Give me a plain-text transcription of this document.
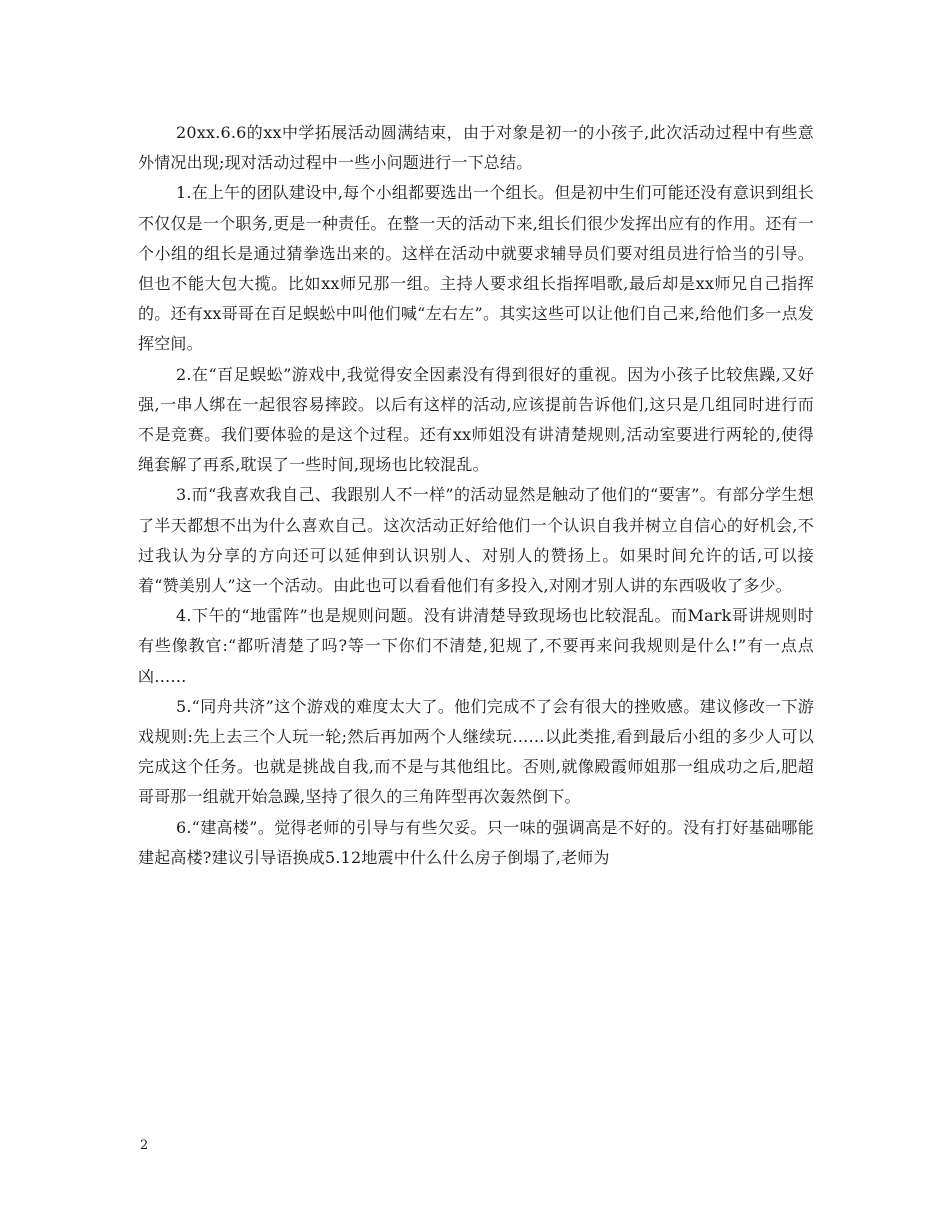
20xx.6.6的xx中学拓展活动圆满结束，由于对象是初一的小孩子,此次活动过程中有些意外情况出现;现对活动过程中一些小问题进行一下总结。

1.在上午的团队建设中,每个小组都要选出一个组长。但是初中生们可能还没有意识到组长不仅仅是一个职务,更是一种责任。在整一天的活动下来,组长们很少发挥出应有的作用。还有一个小组的组长是通过猜拳选出来的。这样在活动中就要求辅导员们要对组员进行恰当的引导。但也不能大包大揽。比如xx师兄那一组。主持人要求组长指挥唱歌,最后却是xx师兄自己指挥的。还有xx哥哥在百足蜈蚣中叫他们喊“左右左”。其实这些可以让他们自己来,给他们多一点发挥空间。

2.在“百足蜈蚣”游戏中,我觉得安全因素没有得到很好的重视。因为小孩子比较焦躁,又好强,一串人绑在一起很容易摔跤。以后有这样的活动,应该提前告诉他们,这只是几组同时进行而不是竞赛。我们要体验的是这个过程。还有xx师姐没有讲清楚规则,活动室要进行两轮的,使得绳套解了再系,耽误了一些时间,现场也比较混乱。

3.而“我喜欢我自己、我跟别人不一样”的活动显然是触动了他们的“要害”。有部分学生想了半天都想不出为什么喜欢自己。这次活动正好给他们一个认识自我并树立自信心的好机会,不过我认为分享的方向还可以延伸到认识别人、对别人的赞扬上。如果时间允许的话,可以接着“赞美别人”这一个活动。由此也可以看看他们有多投入,对刚才别人讲的东西吸收了多少。

4.下午的“地雷阵”也是规则问题。没有讲清楚导致现场也比较混乱。而Mark哥讲规则时有些像教官:“都听清楚了吗?等一下你们不清楚,犯规了,不要再来问我规则是什么!”有一点点凶……

5.“同舟共济”这个游戏的难度太大了。他们完成不了会有很大的挫败感。建议修改一下游戏规则:先上去三个人玩一轮;然后再加两个人继续玩……以此类推,看到最后小组的多少人可以完成这个任务。也就是挑战自我,而不是与其他组比。否则,就像殿霞师姐那一组成功之后,肥超哥哥那一组就开始急躁,坚持了很久的三角阵型再次轰然倒下。

6.“建高楼”。觉得老师的引导与有些欠妥。只一味的强调高是不好的。没有打好基础哪能建起高楼?建议引导语换成5.12地震中什么什么房子倒塌了,老师为

2
